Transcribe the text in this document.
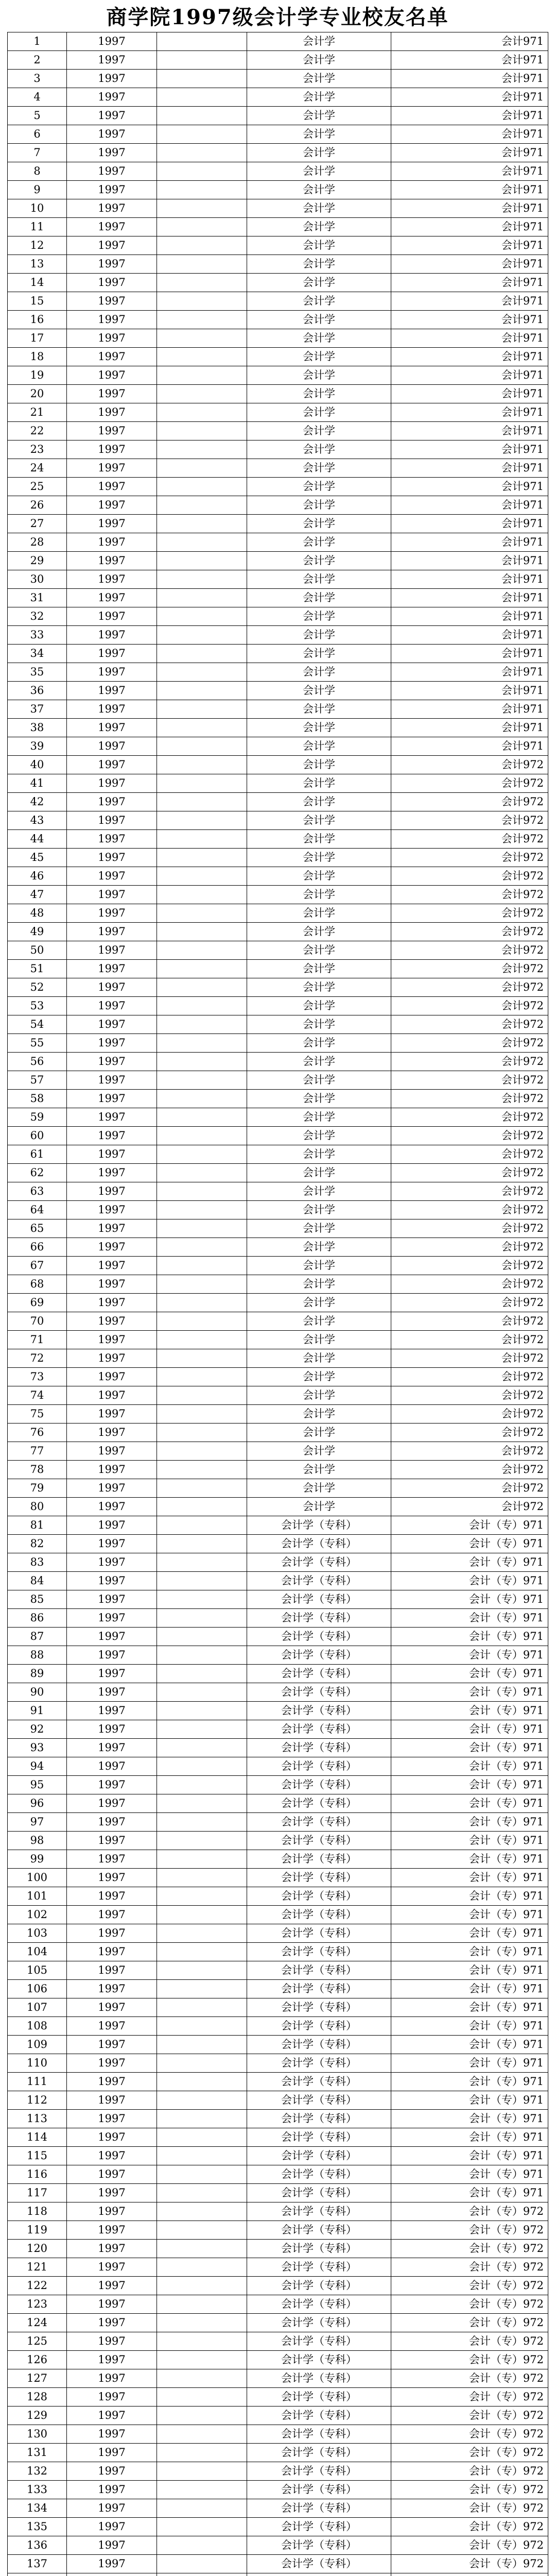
商学院1997级会计学专业校友名单
1	1997		会计学	会计971
2	1997		会计学	会计971
3	1997		会计学	会计971
4	1997		会计学	会计971
5	1997		会计学	会计971
6	1997		会计学	会计971
7	1997		会计学	会计971
8	1997		会计学	会计971
9	1997		会计学	会计971
10	1997		会计学	会计971
11	1997		会计学	会计971
12	1997		会计学	会计971
13	1997		会计学	会计971
14	1997		会计学	会计971
15	1997		会计学	会计971
16	1997		会计学	会计971
17	1997		会计学	会计971
18	1997		会计学	会计971
19	1997		会计学	会计971
20	1997		会计学	会计971
21	1997		会计学	会计971
22	1997		会计学	会计971
23	1997		会计学	会计971
24	1997		会计学	会计971
25	1997		会计学	会计971
26	1997		会计学	会计971
27	1997		会计学	会计971
28	1997		会计学	会计971
29	1997		会计学	会计971
30	1997		会计学	会计971
31	1997		会计学	会计971
32	1997		会计学	会计971
33	1997		会计学	会计971
34	1997		会计学	会计971
35	1997		会计学	会计971
36	1997		会计学	会计971
37	1997		会计学	会计971
38	1997		会计学	会计971
39	1997		会计学	会计971
40	1997		会计学	会计972
41	1997		会计学	会计972
42	1997		会计学	会计972
43	1997		会计学	会计972
44	1997		会计学	会计972
45	1997		会计学	会计972
46	1997		会计学	会计972
47	1997		会计学	会计972
48	1997		会计学	会计972
49	1997		会计学	会计972
50	1997		会计学	会计972
51	1997		会计学	会计972
52	1997		会计学	会计972
53	1997		会计学	会计972
54	1997		会计学	会计972
55	1997		会计学	会计972
56	1997		会计学	会计972
57	1997		会计学	会计972
58	1997		会计学	会计972
59	1997		会计学	会计972
60	1997		会计学	会计972
61	1997		会计学	会计972
62	1997		会计学	会计972
63	1997		会计学	会计972
64	1997		会计学	会计972
65	1997		会计学	会计972
66	1997		会计学	会计972
67	1997		会计学	会计972
68	1997		会计学	会计972
69	1997		会计学	会计972
70	1997		会计学	会计972
71	1997		会计学	会计972
72	1997		会计学	会计972
73	1997		会计学	会计972
74	1997		会计学	会计972
75	1997		会计学	会计972
76	1997		会计学	会计972
77	1997		会计学	会计972
78	1997		会计学	会计972
79	1997		会计学	会计972
80	1997		会计学	会计972
81	1997		会计学（专科）	会计（专）971
82	1997		会计学（专科）	会计（专）971
83	1997		会计学（专科）	会计（专）971
84	1997		会计学（专科）	会计（专）971
85	1997		会计学（专科）	会计（专）971
86	1997		会计学（专科）	会计（专）971
87	1997		会计学（专科）	会计（专）971
88	1997		会计学（专科）	会计（专）971
89	1997		会计学（专科）	会计（专）971
90	1997		会计学（专科）	会计（专）971
91	1997		会计学（专科）	会计（专）971
92	1997		会计学（专科）	会计（专）971
93	1997		会计学（专科）	会计（专）971
94	1997		会计学（专科）	会计（专）971
95	1997		会计学（专科）	会计（专）971
96	1997		会计学（专科）	会计（专）971
97	1997		会计学（专科）	会计（专）971
98	1997		会计学（专科）	会计（专）971
99	1997		会计学（专科）	会计（专）971
100	1997		会计学（专科）	会计（专）971
101	1997		会计学（专科）	会计（专）971
102	1997		会计学（专科）	会计（专）971
103	1997		会计学（专科）	会计（专）971
104	1997		会计学（专科）	会计（专）971
105	1997		会计学（专科）	会计（专）971
106	1997		会计学（专科）	会计（专）971
107	1997		会计学（专科）	会计（专）971
108	1997		会计学（专科）	会计（专）971
109	1997		会计学（专科）	会计（专）971
110	1997		会计学（专科）	会计（专）971
111	1997		会计学（专科）	会计（专）971
112	1997		会计学（专科）	会计（专）971
113	1997		会计学（专科）	会计（专）971
114	1997		会计学（专科）	会计（专）971
115	1997		会计学（专科）	会计（专）971
116	1997		会计学（专科）	会计（专）971
117	1997		会计学（专科）	会计（专）971
118	1997		会计学（专科）	会计（专）972
119	1997		会计学（专科）	会计（专）972
120	1997		会计学（专科）	会计（专）972
121	1997		会计学（专科）	会计（专）972
122	1997		会计学（专科）	会计（专）972
123	1997		会计学（专科）	会计（专）972
124	1997		会计学（专科）	会计（专）972
125	1997		会计学（专科）	会计（专）972
126	1997		会计学（专科）	会计（专）972
127	1997		会计学（专科）	会计（专）972
128	1997		会计学（专科）	会计（专）972
129	1997		会计学（专科）	会计（专）972
130	1997		会计学（专科）	会计（专）972
131	1997		会计学（专科）	会计（专）972
132	1997		会计学（专科）	会计（专）972
133	1997		会计学（专科）	会计（专）972
134	1997		会计学（专科）	会计（专）972
135	1997		会计学（专科）	会计（专）972
136	1997		会计学（专科）	会计（专）972
137	1997		会计学（专科）	会计（专）972
